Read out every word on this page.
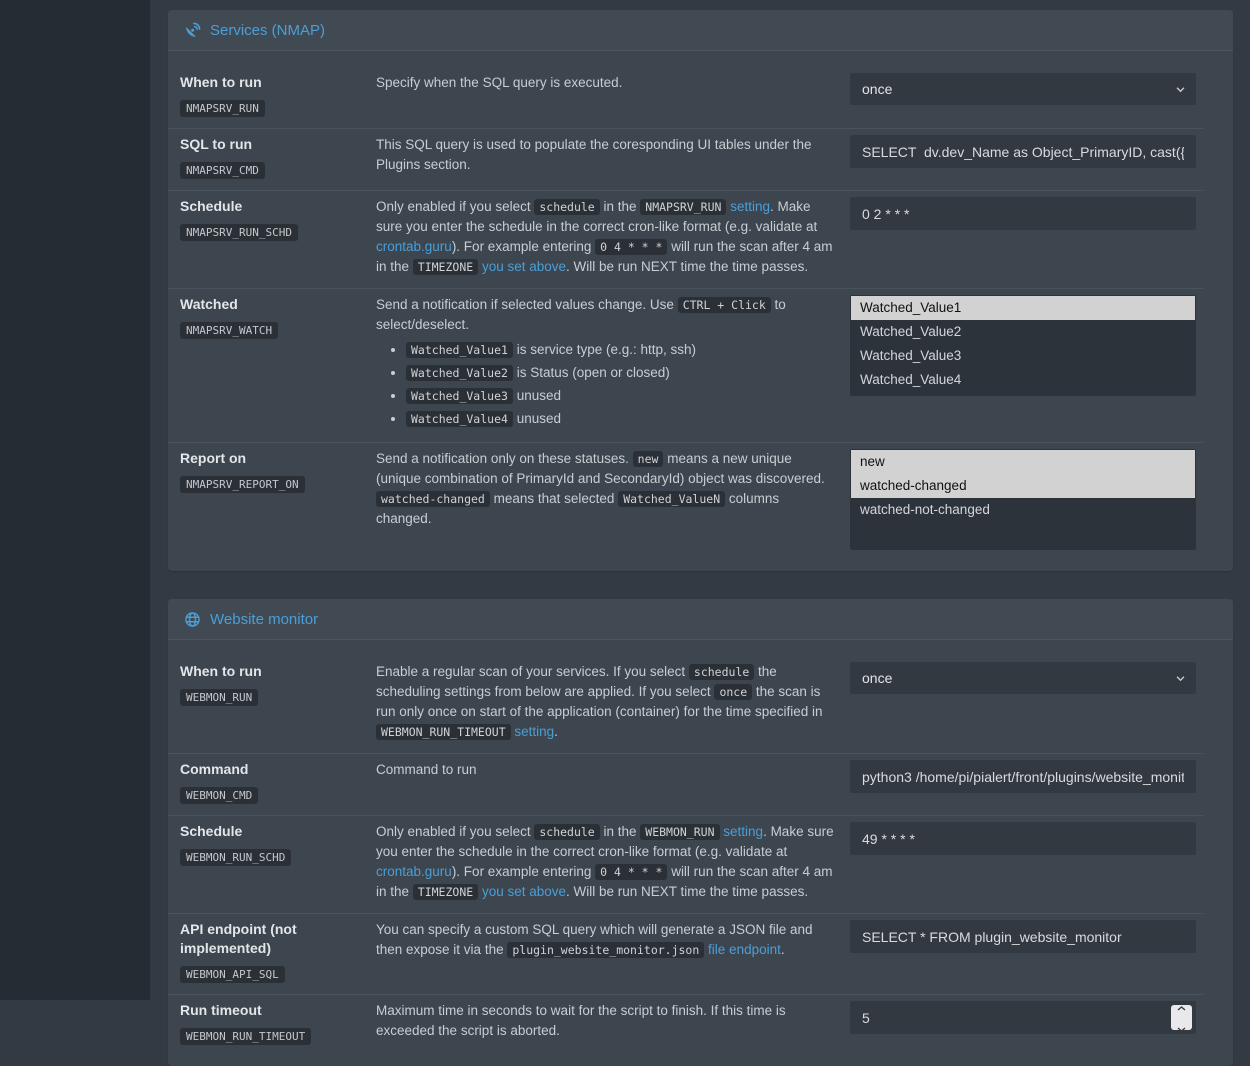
Services (NMAP)
When to run
NMAPSRV_RUN
Specify when the SQL query is executed.	once
SQL to run
NMAPSRV_CMD
This SQL query is used to populate the coresponding UI tables under the Plugins section.
SELECT dv.dev_Name as Object_PrimaryID, cast({s-quot
Schedule
NMAPSRV_RUN_SCHD
Only enabled if you select schedule in the NMAPSRV_RUN setting. Make sure you enter the schedule in the correct cron-like format (e.g. validate at crontab.guru). For example entering 0 4 * * * will run the scan after 4 am in the TIMEZONE you set above. Will be run NEXT time the time passes.
0 2 * * *
Watched
NMAPSRV_WATCH
Send a notification if selected values change. Use CTRL + Click to select/deselect.
• Watched_Value1 is service type (e.g.: http, ssh)
• Watched_Value2 is Status (open or closed)
• Watched_Value3 unused
• Watched_Value4 unused
Watched_Value1
Watched_Value2
Watched_Value3
Watched_Value4
Report on
NMAPSRV_REPORT_ON
Send a notification only on these statuses. new means a new unique (unique combination of PrimaryId and SecondaryId) object was discovered. watched-changed means that selected Watched_ValueN columns changed.
new
watched-changed
watched-not-changed
Website monitor
When to run
WEBMON_RUN
Enable a regular scan of your services. If you select schedule the scheduling settings from below are applied. If you select once the scan is run only once on start of the application (container) for the time specified in WEBMON_RUN_TIMEOUT setting.
once
Command
WEBMON_CMD
Command to run
python3 /home/pi/pialert/front/plugins/website_monito
Schedule
WEBMON_RUN_SCHD
Only enabled if you select schedule in the WEBMON_RUN setting. Make sure you enter the schedule in the correct cron-like format (e.g. validate at crontab.guru). For example entering 0 4 * * * will run the scan after 4 am in the TIMEZONE you set above. Will be run NEXT time the time passes.
49 * * * *
API endpoint (not implemented)
WEBMON_API_SQL
You can specify a custom SQL query which will generate a JSON file and then expose it via the plugin_website_monitor.json file endpoint.
SELECT * FROM plugin_website_monitor
Run timeout
WEBMON_RUN_TIMEOUT
Maximum time in seconds to wait for the script to finish. If this time is exceeded the script is aborted.
5
